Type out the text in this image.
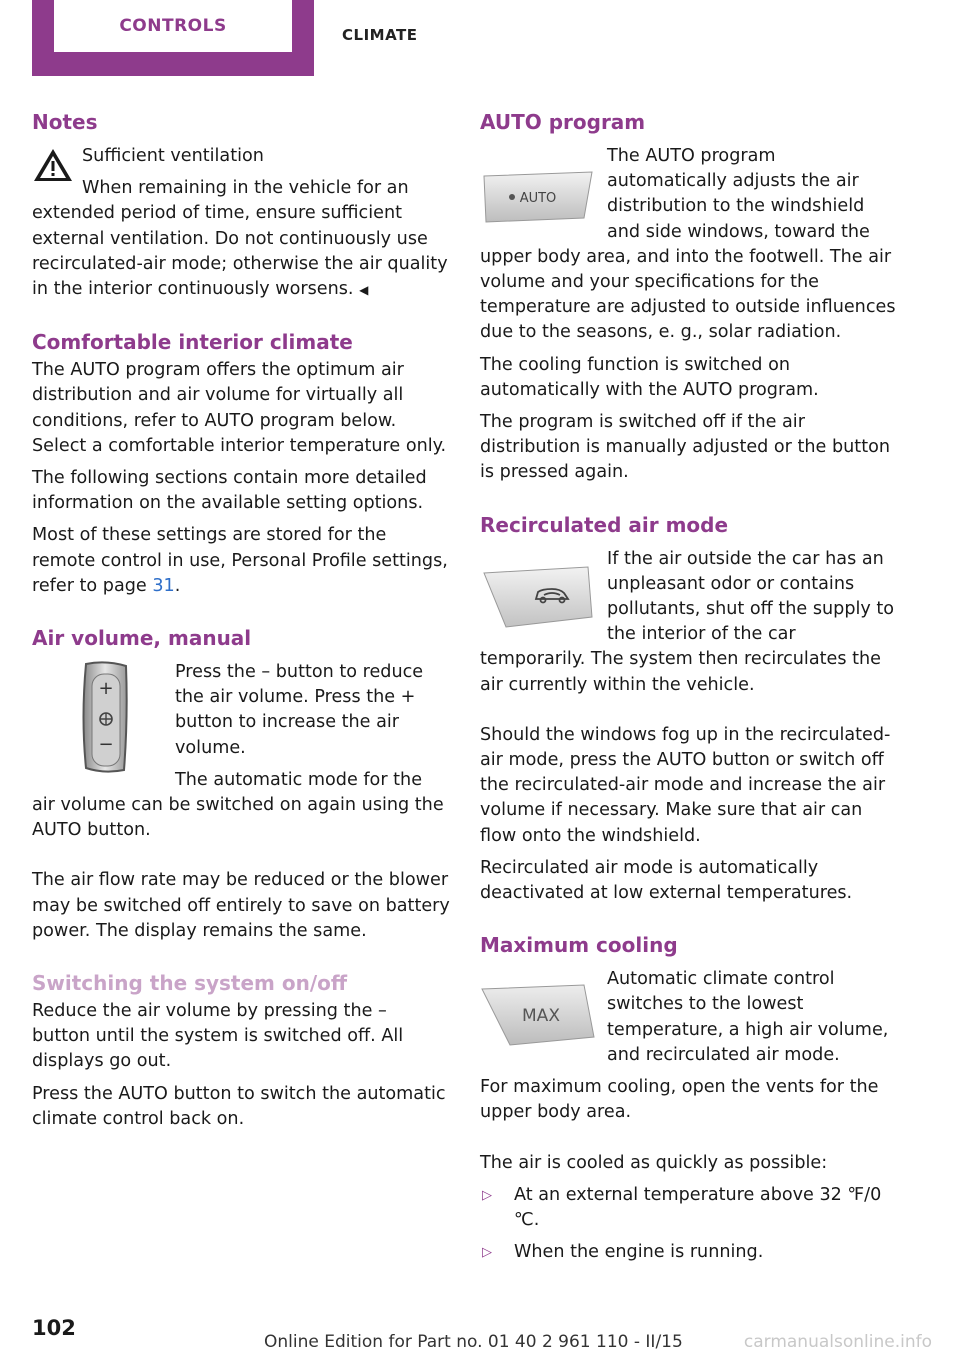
CONTROLS	CLIMATE
Notes

Sufficient ventilation

When remaining in the vehicle for an extended period of time, ensure sufficient external ventilation. Do not continuously use recirculated-air mode; otherwise the air quality in the interior continuously worsens. ◀

Comfortable interior climate

The AUTO program offers the optimum air distribution and air volume for virtually all conditions, refer to AUTO program below. Select a comfortable interior temperature only.

The following sections contain more detailed information on the available setting options.

Most of these settings are stored for the remote control in use, Personal Profile settings, refer to page 31.

Air volume, manual
+
−

Press the – button to reduce the air volume. Press the + button to increase the air volume.

The automatic mode for the air volume can be switched on again using the AUTO button.

The air flow rate may be reduced or the blower may be switched off entirely to save on battery power. The display remains the same.

Switching the system on/off

Reduce the air volume by pressing the – button until the system is switched off. All displays go out.

Press the AUTO button to switch the automatic climate control back on.

AUTO program
AUTO

The AUTO program automatically adjusts the air distribution to the windshield and side windows, toward the upper body area, and into the footwell. The air volume and your specifications for the temperature are adjusted to outside influences due to the seasons, e. g., solar radiation.

The cooling function is switched on automatically with the AUTO program.

The program is switched off if the air distribution is manually adjusted or the button is pressed again.

Recirculated air mode

If the air outside the car has an unpleasant odor or contains pollutants, shut off the supply to the interior of the car temporarily. The system then recirculates the air currently within the vehicle.

Should the windows fog up in the recirculated-air mode, press the AUTO button or switch off the recirculated-air mode and increase the air volume if necessary. Make sure that air can flow onto the windshield.

Recirculated air mode is automatically deactivated at low external temperatures.

Maximum cooling
MAX

Automatic climate control switches to the lowest temperature, a high air volume, and recirculated air mode.

For maximum cooling, open the vents for the upper body area.

The air is cooled as quickly as possible:

▷ At an external temperature above 32 ℉/0 ℃.
▷ When the engine is running.
102
Online Edition for Part no. 01 40 2 961 110 - II/15	carmanualsonline.info
